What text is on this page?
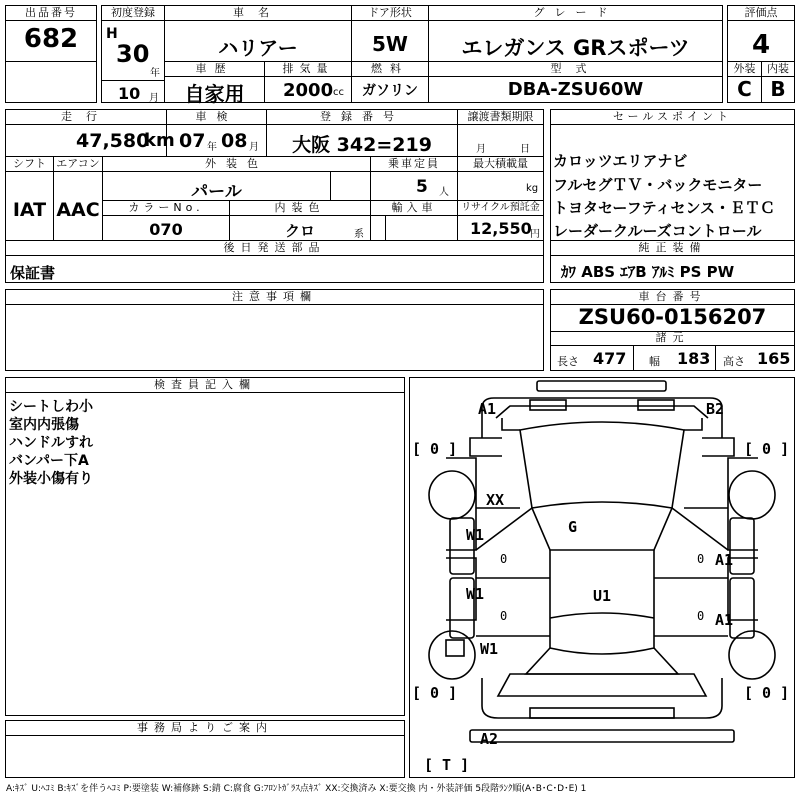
出品番号
682
初度登録
H
30
年
10 月
車名
ハリアー
ドア形状
5W
グレード
エレガンス GRスポーツ
評価点
4
車歴
自家用
排気量
2000 cc
燃料
ガソリン
型式
DBA-ZSU60W
外装
C
内装
B
走行
47,580
km
車検
07 年 08 月
登録番号
大阪 342=219
譲渡書類期限
月	日
セールスポイント
カロッツエリアナビ
フルセグＴＶ・バックモニター
トヨタセーフティセンス・ＥＴＣ
レーダークルーズコントロール
シフト
IAT
エアコン
AAC
外装色
パール
乗車定員
5 人
最大積載量
kg
カラーNo.
070
内装色
クロ	系
輸入車	リサイクル預託金
12,550
円
後日発送部品
保証書
純正装備
ｶﾜ ABS ｴｱB ｱﾙﾐ PS PW
注意事項欄	車台番号
ZSU60-0156207
諸元
長さ 477 幅 183 高さ 165
検査員記入欄
シートしわ小
室内内張傷
ハンドルすれ
バンパー下A
外装小傷有り
事務局よりご案内
A1	B2
XX
G
U1
W1
W1
W1
A1
A1
A2
[ 0 ]	[ 0 ]
[ 0 ]	[ 0 ]
[ T ]
0
0
0
0
A:ｷｽﾞ U:ﾍｺﾐ B:ｷｽﾞを伴うﾍｺﾐ P:要塗装 W:補修跡 S:錆 C:腐食 G:ﾌﾛﾝﾄｶﾞﾗｽ点ｷｽﾞ XX:交換済み X:要交換 内・外装評価 5段階ﾗﾝｸ順(A･B･C･D･E) 1
